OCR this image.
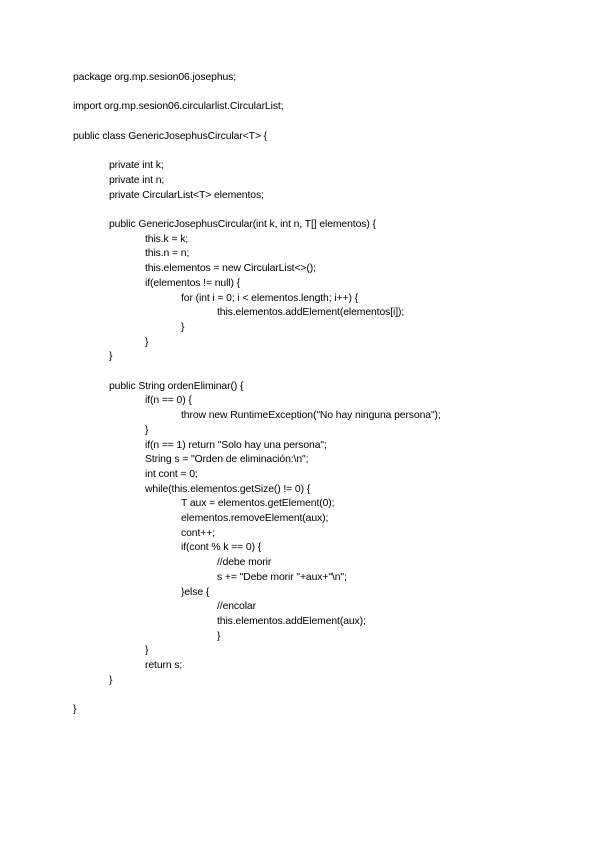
package org.mp.sesion06.josephus;
import org.mp.sesion06.circularlist.CircularList;
public class GenericJosephusCircular<T> {
private int k;
private int n;
private CircularList<T> elementos;
public GenericJosephusCircular(int k, int n, T[] elementos) {
this.k = k;
this.n = n;
this.elementos = new CircularList<>();
if(elementos != null) {
for (int i = 0; i < elementos.length; i++) {
this.elementos.addElement(elementos[i]);
}
}
}
public String ordenEliminar() {
if(n == 0) {
throw new RuntimeException("No hay ninguna persona");
}
if(n == 1) return "Solo hay una persona";
String s = "Orden de eliminación:\n";
int cont = 0;
while(this.elementos.getSize() != 0) {
T aux = elementos.getElement(0);
elementos.removeElement(aux);
cont++;
if(cont % k == 0) {
//debe morir
s += "Debe morir "+aux+"\n";
}else {
//encolar
this.elementos.addElement(aux);
}
}
return s;
}
}
